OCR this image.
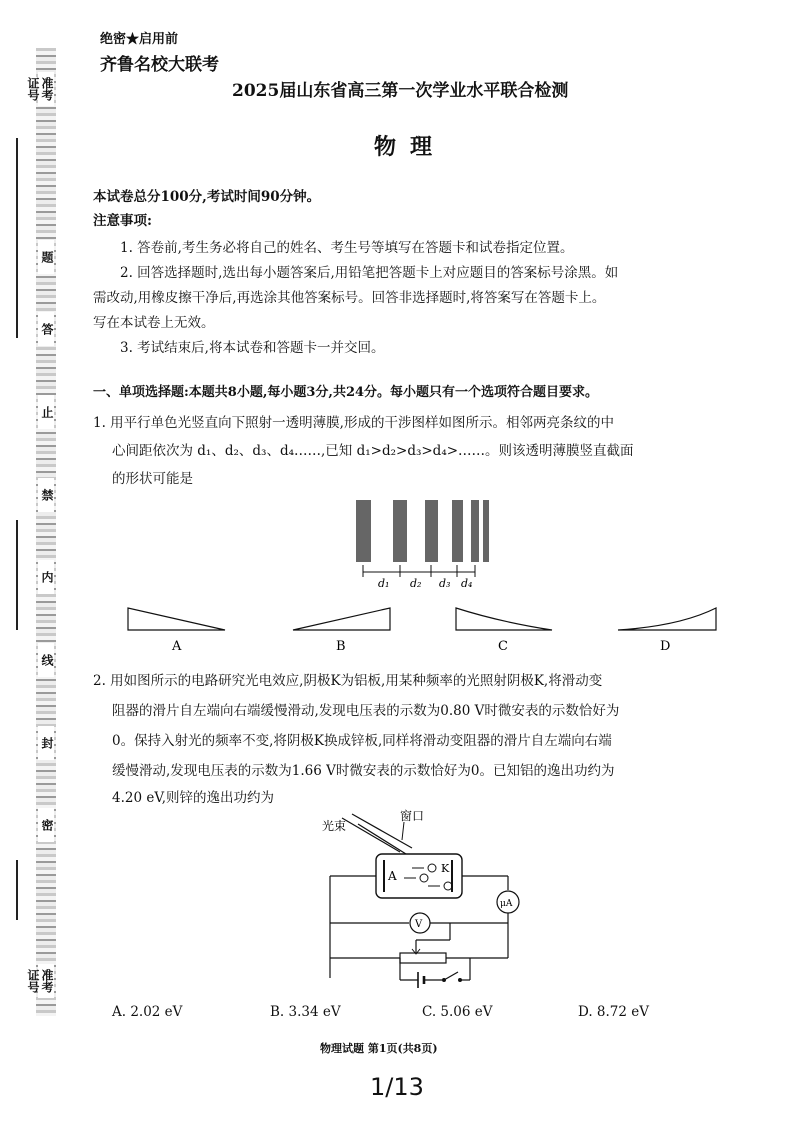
准考证号
题
答
止
禁
内
线
封
密
准考证号
绝密★启用前
齐鲁名校大联考
2025届山东省高三第一次学业水平联合检测
物理
本试卷总分100分,考试时间90分钟。
注意事项:
1. 答卷前,考生务必将自己的姓名、考生号等填写在答题卡和试卷指定位置。
2. 回答选择题时,选出每小题答案后,用铅笔把答题卡上对应题目的答案标号涂黑。如
需改动,用橡皮擦干净后,再选涂其他答案标号。回答非选择题时,将答案写在答题卡上。
写在本试卷上无效。
3. 考试结束后,将本试卷和答题卡一并交回。
一、单项选择题:本题共8小题,每小题3分,共24分。每小题只有一个选项符合题目要求。
1. 用平行单色光竖直向下照射一透明薄膜,形成的干涉图样如图所示。相邻两亮条纹的中
心间距依次为 d₁、d₂、d₃、d₄……,已知 d₁>d₂>d₃>d₄>……。则该透明薄膜竖直截面
的形状可能是
d₁ d₂ d₃ d₄
A	B	C	D
2. 用如图所示的电路研究光电效应,阴极K为铝板,用某种频率的光照射阴极K,将滑动变
阻器的滑片自左端向右端缓慢滑动,发现电压表的示数为0.80 V时微安表的示数恰好为
0。保持入射光的频率不变,将阴极K换成锌板,同样将滑动变阻器的滑片自左端向右端
缓慢滑动,发现电压表的示数为1.66 V时微安表的示数恰好为0。已知铝的逸出功约为
4.20 eV,则锌的逸出功约为
光束
窗口
A
K
μA
V
A. 2.02 eV	B. 3.34 eV	C. 5.06 eV	D. 8.72 eV
物理试题 第1页(共8页)
1/13
